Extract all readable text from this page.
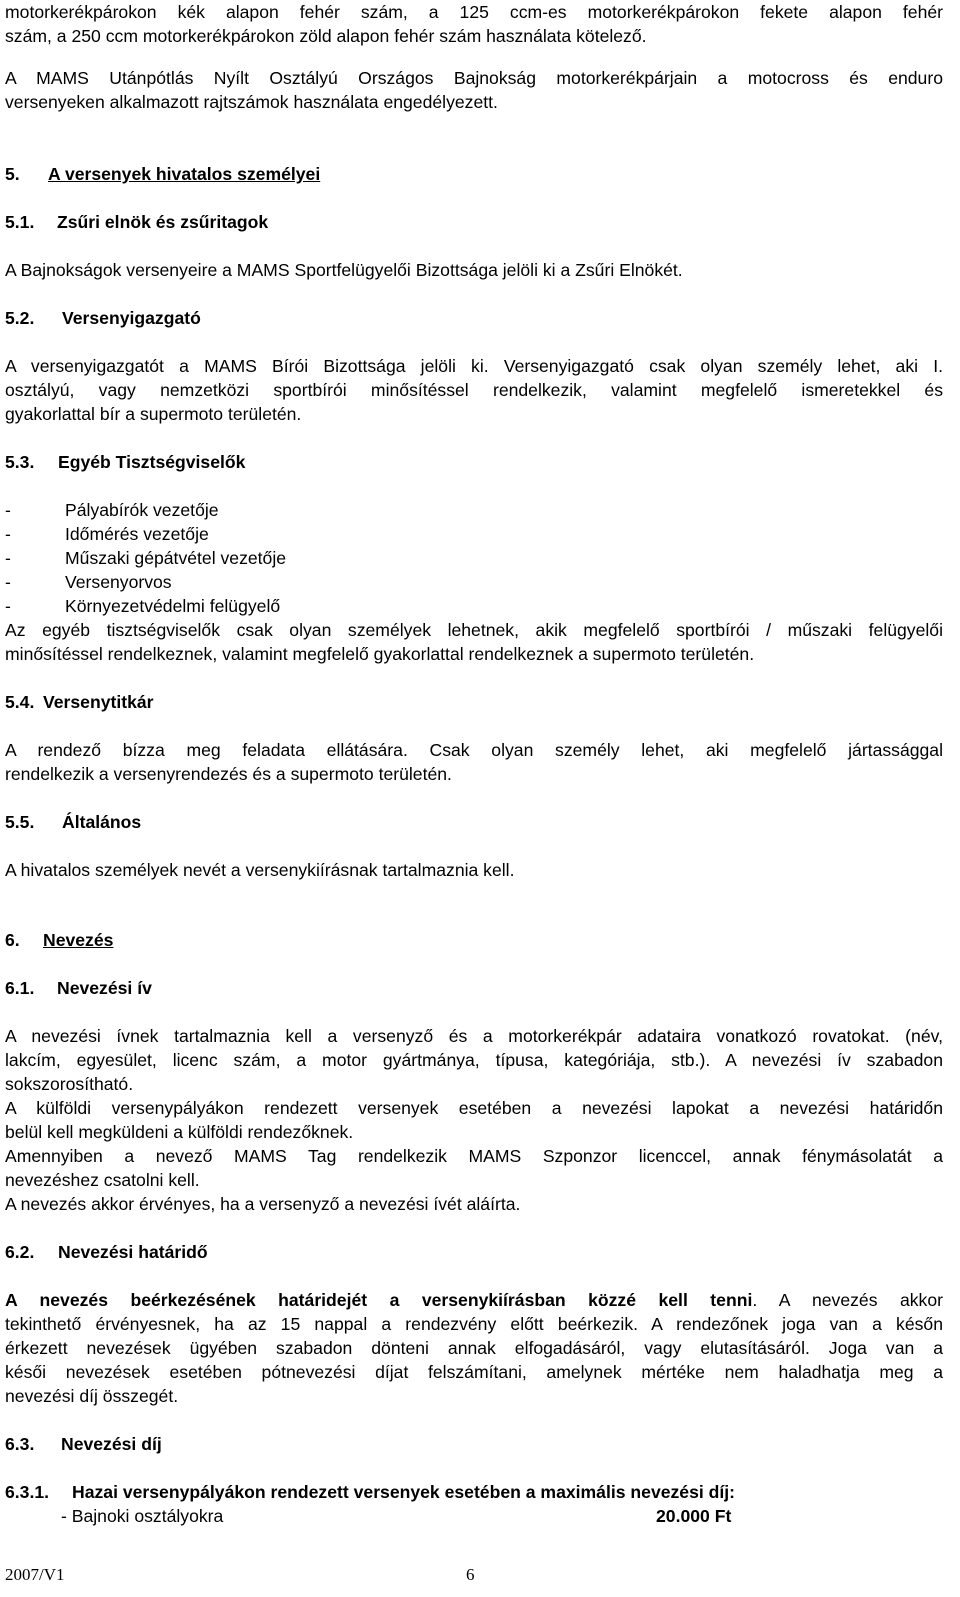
motorkerékpárokon kék alapon fehér szám, a 125 ccm-es motorkerékpárokon fekete alapon fehér

szám, a 250 ccm motorkerékpárokon zöld alapon fehér szám használata kötelező.

A MAMS Utánpótlás Nyílt Osztályú Országos Bajnokság motorkerékpárjain a motocross és enduro

versenyeken alkalmazott rajtszámok használata engedélyezett.

5. A versenyek hivatalos személyei
5.1. Zsűri elnök és zsűritagok

A Bajnokságok versenyeire a MAMS Sportfelügyelői Bizottsága jelöli ki a Zsűri Elnökét.

5.2. Versenyigazgató

A versenyigazgatót a MAMS Bírói Bizottsága jelöli ki. Versenyigazgató csak olyan személy lehet, aki I.

osztályú, vagy nemzetközi sportbírói minősítéssel rendelkezik, valamint megfelelő ismeretekkel és

gyakorlattal bír a supermoto területén.

5.3. Egyéb Tisztségviselők
-	Pályabírók vezetője
-	Időmérés vezetője
-	Műszaki gépátvétel vezetője
-	Versenyorvos
-	Környezetvédelmi felügyelő

Az egyéb tisztségviselők csak olyan személyek lehetnek, akik megfelelő sportbírói / műszaki felügyelői

minősítéssel rendelkeznek, valamint megfelelő gyakorlattal rendelkeznek a supermoto területén.

5.4. Versenytitkár

A rendező bízza meg feladata ellátására. Csak olyan személy lehet, aki megfelelő jártassággal

rendelkezik a versenyrendezés és a supermoto területén.

5.5. Általános

A hivatalos személyek nevét a versenykiírásnak tartalmaznia kell.

6. Nevezés
6.1. Nevezési ív

A nevezési ívnek tartalmaznia kell a versenyző és a motorkerékpár adataira vonatkozó rovatokat. (név,

lakcím, egyesület, licenc szám, a motor gyártmánya, típusa, kategóriája, stb.). A nevezési ív szabadon

sokszorosítható.

A külföldi versenypályákon rendezett versenyek esetében a nevezési lapokat a nevezési határidőn

belül kell megküldeni a külföldi rendezőknek.

Amennyiben a nevező MAMS Tag rendelkezik MAMS Szponzor licenccel, annak fénymásolatát a

nevezéshez csatolni kell.

A nevezés akkor érvényes, ha a versenyző a nevezési ívét aláírta.

6.2. Nevezési határidő

A nevezés beérkezésének határidejét a versenykiírásban közzé kell tenni. A nevezés akkor

tekinthető érvényesnek, ha az 15 nappal a rendezvény előtt beérkezik. A rendezőnek joga van a későn

érkezett nevezések ügyében szabadon dönteni annak elfogadásáról, vagy elutasításáról. Joga van a

késői nevezések esetében pótnevezési díjat felszámítani, amelynek mértéke nem haladhatja meg a

nevezési díj összegét.

6.3. Nevezési díj
6.3.1. Hazai versenypályákon rendezett versenyek esetében a maximális nevezési díj:
- Bajnoki osztályokra	20.000 Ft
2007/V1	6
